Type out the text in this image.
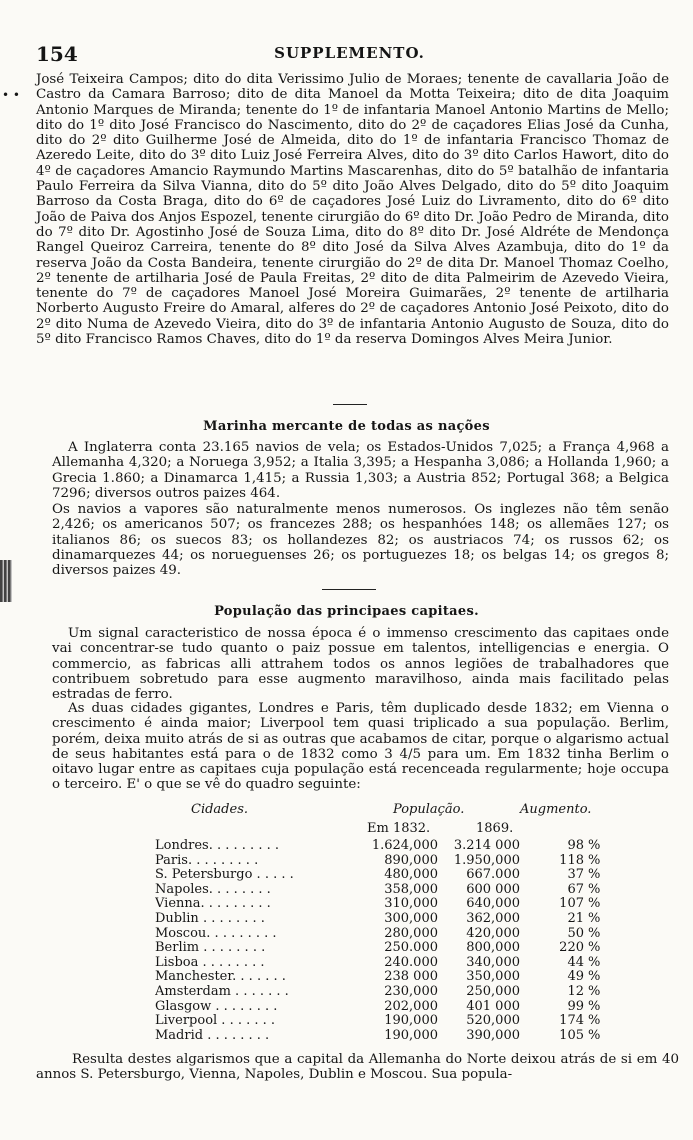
• •
154	SUPPLEMENTO.

José Teixeira Campos; dito do dita Verissimo Julio de Moraes; tenente de cavallaria João de Castro da Camara Barroso; dito de dita Manoel da Motta Teixeira; dito de dita Joaquim Antonio Marques de Miranda; tenente do 1º de infantaria Manoel Antonio Martins de Mello; dito do 1º dito José Francisco do Nascimento, dito do 2º de caçadores Elias José da Cunha, dito do 2º dito Guilherme José de Almeida, dito do 1º de infantaria Francisco Thomaz de Azeredo Leite, dito do 3º dito Luiz José Ferreira Alves, dito do 3º dito Carlos Hawort, dito do 4º de caçadores Amancio Raymundo Martins Mascarenhas, dito do 5º batalhão de infantaria Paulo Ferreira da Silva Vianna, dito do 5º dito João Alves Delgado, dito do 5º dito Joaquim Barroso da Costa Braga, dito do 6º de caçadores José Luiz do Livramento, dito do 6º dito João de Paiva dos Anjos Espozel, tenente cirurgião do 6º dito Dr. João Pedro de Miranda, dito do 7º dito Dr. Agostinho José de Souza Lima, dito do 8º dito Dr. José Aldréte de Mendonça Rangel Queiroz Carreira, tenente do 8º dito José da Silva Alves Azambuja, dito do 1º da reserva João da Costa Bandeira, tenente cirurgião do 2º de dita Dr. Manoel Thomaz Coelho, 2º tenente de artilharia José de Paula Freitas, 2º dito de dita Palmeirim de Azevedo Vieira, tenente do 7º de caçadores Manoel José Moreira Guimarães, 2º tenente de artilharia Norberto Augusto Freire do Amaral, alferes do 2º de caçadores Antonio José Peixoto, dito do 2º dito Numa de Azevedo Vieira, dito do 3º de infantaria Antonio Augusto de Souza, dito do 5º dito Francisco Ramos Chaves, dito do 1º da reserva Domingos Alves Meira Junior.

Marinha mercante de todas as nações

A Inglaterra conta 23.165 navios de vela; os Estados-Unidos 7,025; a França 4,968 a Allemanha 4,320; a Noruega 3,952; a Italia 3,395; a Hespanha 3,086; a Hollanda 1,960; a Grecia 1.860; a Dinamarca 1,415; a Russia 1,303; a Austria 852; Portugal 368; a Belgica 7296; diversos outros paizes 464.

Os navios a vapores são naturalmente menos numerosos. Os inglezes não têm senão 2,426; os americanos 507; os francezes 288; os hespanhóes 148; os allemães 127; os italianos 86; os suecos 83; os hollandezes 82; os austriacos 74; os russos 62; os dinamarquezes 44; os norueguenses 26; os portuguezes 18; os belgas 14; os gregos 8; diversos paizes 49.

População das principaes capitaes.

Um signal caracteristico de nossa época é o immenso crescimento das capitaes onde vai concentrar-se tudo quanto o paiz possue em talentos, intelligencias e energia. O commercio, as fabricas alli attrahem todos os annos legiões de trabalhadores que contribuem sobretudo para esse augmento maravilhoso, ainda mais facilitado pelas estradas de ferro.

As duas cidades gigantes, Londres e Paris, têm duplicado desde 1832; em Vienna o crescimento é ainda maior; Liverpool tem quasi triplicado a sua população. Berlim, porém, deixa muito atrás de si as outras que acabamos de citar, porque o algarismo actual de seus habitantes está para o de 1832 como 3 4/5 para um. Em 1832 tinha Berlim o oitavo lugar entre as capitaes cuja população está recenceada regularmente; hoje occupa o terceiro. E' o que se vê do quadro seguinte:

Cidades.	População.	Augmento.
Em 1832.	1869.
Londres. . . . . . . . .	1.624,000	3.214 000	98 %
Paris. . . . . . . . .	890,000	1.950,000	118 %
S. Petersburgo . . . . .	480,000	667.000	37 %
Napoles. . . . . . . .	358,000	600 000	67 %
Vienna. . . . . . . . .	310,000	640,000	107 %
Dublin . . . . . . . .	300,000	362,000	21 %
Moscou. . . . . . . . .	280,000	420,000	50 %
Berlim . . . . . . . .	250.000	800,000	220 %
Lisboa . . . . . . . .	240.000	340,000	44 %
Manchester. . . . . . .	238 000	350,000	49 %
Amsterdam . . . . . . .	230,000	250,000	12 %
Glasgow . . . . . . . .	202,000	401 000	99 %
Liverpool . . . . . . .	190,000	520,000	174 %
Madrid . . . . . . . .	190,000	390,000	105 %

Resulta destes algarismos que a capital da Allemanha do Norte deixou atrás de si em 40 annos S. Petersburgo, Vienna, Napoles, Dublin e Moscou. Sua popula-
